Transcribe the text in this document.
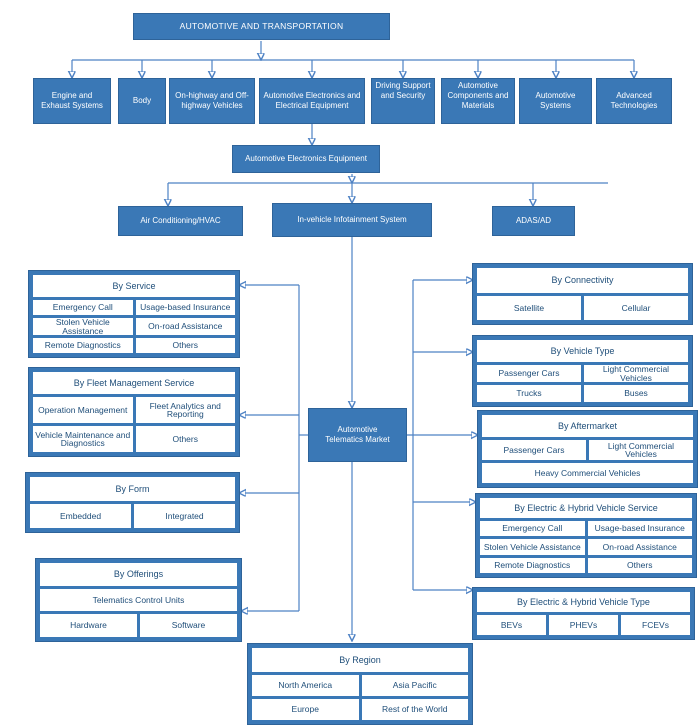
AUTOMOTIVE AND TRANSPORTATION
Engine and Exhaust Systems
Body
On-highway and Off-highway Vehicles
Automotive Electronics and Electrical Equipment
Driving Support and Security
Automotive Components and Materials
Automotive Systems
Advanced Technologies
Automotive Electronics Equipment
Air Conditioning/HVAC	In-vehicle Infotainment System	ADAS/AD
Automotive Telematics Market
By Service
Emergency Call	Usage-based Insurance
Stolen Vehicle Assistance	On-road Assistance
Remote Diagnostics	Others
By Fleet Management Service
Operation Management	Fleet Analytics and Reporting
Vehicle Maintenance and Diagnostics	Others
By Form
Embedded	Integrated
By Offerings
Telematics Control Units
Hardware	Software
By Connectivity
Satellite	Cellular
By Vehicle Type
Passenger Cars	Light Commercial Vehicles
Trucks	Buses
By Aftermarket
Passenger Cars	Light Commercial Vehicles
Heavy Commercial Vehicles
By Electric & Hybrid Vehicle Service
Emergency Call	Usage-based Insurance
Stolen Vehicle Assistance	On-road Assistance
Remote Diagnostics	Others
By Electric & Hybrid Vehicle Type
BEVs	PHEVs	FCEVs
By Region
North America	Asia Pacific
Europe	Rest of the World
